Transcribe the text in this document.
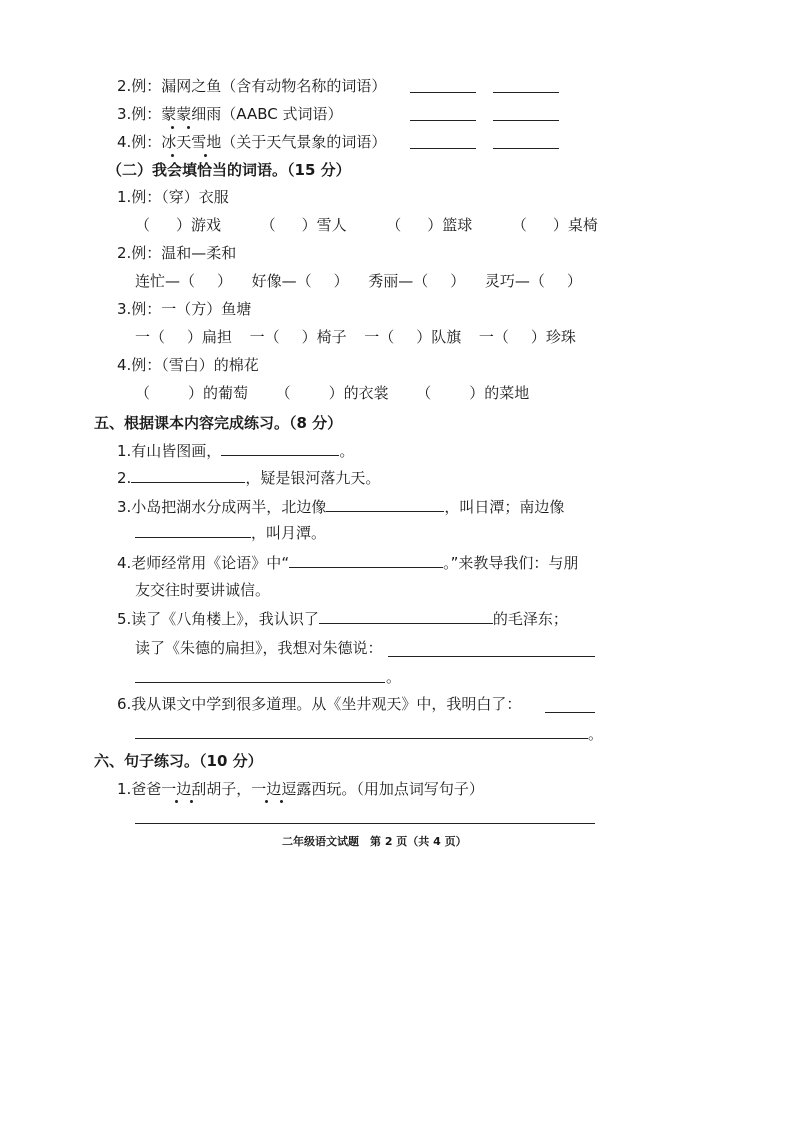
2.例：漏网之鱼（含有动物名称的词语）
3.例：蒙蒙细雨（AABC 式词语）
4.例：冰天雪地（关于天气景象的词语）
（二）我会填恰当的词语。（15 分）
1.例：（穿）衣服
（ ）游戏	（ ）雪人	（ ）篮球	（ ）桌椅
2.例：温和—柔和
连忙—（ ） 好像—（ ） 秀丽—（ ） 灵巧—（ ）
3.例：一（方）鱼塘
一（ ）扁担 一（ ）椅子 一（ ）队旗 一（ ）珍珠
4.例：（雪白）的棉花
（	）的葡萄 （	）的衣裳 （	）的菜地
五、根据课本内容完成练习。（8 分）
1.有山皆图画，	。
2.	，疑是银河落九天。
3.小岛把湖水分成两半，北边像	，叫日潭；南边像
，叫月潭。
4.老师经常用《论语》中“	。”来教导我们：与朋
友交往时要讲诚信。
5.读了《八角楼上》，我认识了	的毛泽东；
读了《朱德的扁担》，我想对朱德说：
。
6.我从课文中学到很多道理。从《坐井观天》中，我明白了：
。
六、句子练习。（10 分）
1.爸爸一边刮胡子，一边逗露西玩。（用加点词写句子）
二年级语文试题　第 2 页（共 4 页）
